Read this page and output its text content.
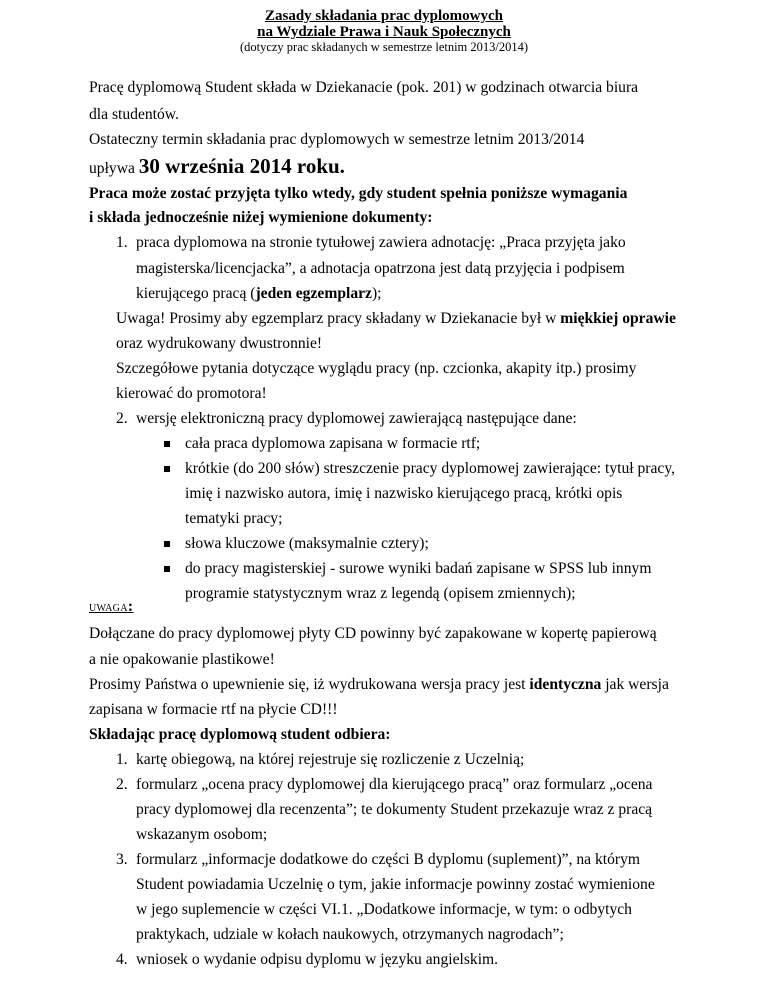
Zasady składania prac dyplomowych
na Wydziale Prawa i Nauk Społecznych
(dotyczy prac składanych w semestrze letnim 2013/2014)
Pracę dyplomową Student składa w Dziekanacie (pok. 201) w godzinach otwarcia biura
dla studentów.
Ostateczny termin składania prac dyplomowych w semestrze letnim 2013/2014
upływa 30 września 2014 roku.
Praca może zostać przyjęta tylko wtedy, gdy student spełnia poniższe wymagania
i składa jednocześnie niżej wymienione dokumenty:
1. praca dyplomowa na stronie tytułowej zawiera adnotację: „Praca przyjęta jako
magisterska/licencjacka”, a adnotacja opatrzona jest datą przyjęcia i podpisem
kierującego pracą (jeden egzemplarz);
Uwaga! Prosimy aby egzemplarz pracy składany w Dziekanacie był w miękkiej oprawie
oraz wydrukowany dwustronnie!
Szczegółowe pytania dotyczące wyglądu pracy (np. czcionka, akapity itp.) prosimy
kierować do promotora!
2. wersję elektroniczną pracy dyplomowej zawierającą następujące dane:
cała praca dyplomowa zapisana w formacie rtf;
krótkie (do 200 słów) streszczenie pracy dyplomowej zawierające: tytuł pracy,
imię i nazwisko autora, imię i nazwisko kierującego pracą, krótki opis
tematyki pracy;
słowa kluczowe (maksymalnie cztery);
do pracy magisterskiej - surowe wyniki badań zapisane w SPSS lub innym
programie statystycznym wraz z legendą (opisem zmiennych);
UWAGA:
Dołączane do pracy dyplomowej płyty CD powinny być zapakowane w kopertę papierową
a nie opakowanie plastikowe!
Prosimy Państwa o upewnienie się, iż wydrukowana wersja pracy jest identyczna jak wersja
zapisana w formacie rtf na płycie CD!!!
Składając pracę dyplomową student odbiera:
1. kartę obiegową, na której rejestruje się rozliczenie z Uczelnią;
2. formularz „ocena pracy dyplomowej dla kierującego pracą” oraz formularz „ocena
pracy dyplomowej dla recenzenta”; te dokumenty Student przekazuje wraz z pracą
wskazanym osobom;
3. formularz „informacje dodatkowe do części B dyplomu (suplement)”, na którym
Student powiadamia Uczelnię o tym, jakie informacje powinny zostać wymienione
w jego suplemencie w części VI.1. „Dodatkowe informacje, w tym: o odbytych
praktykach, udziale w kołach naukowych, otrzymanych nagrodach”;
4. wniosek o wydanie odpisu dyplomu w języku angielskim.
